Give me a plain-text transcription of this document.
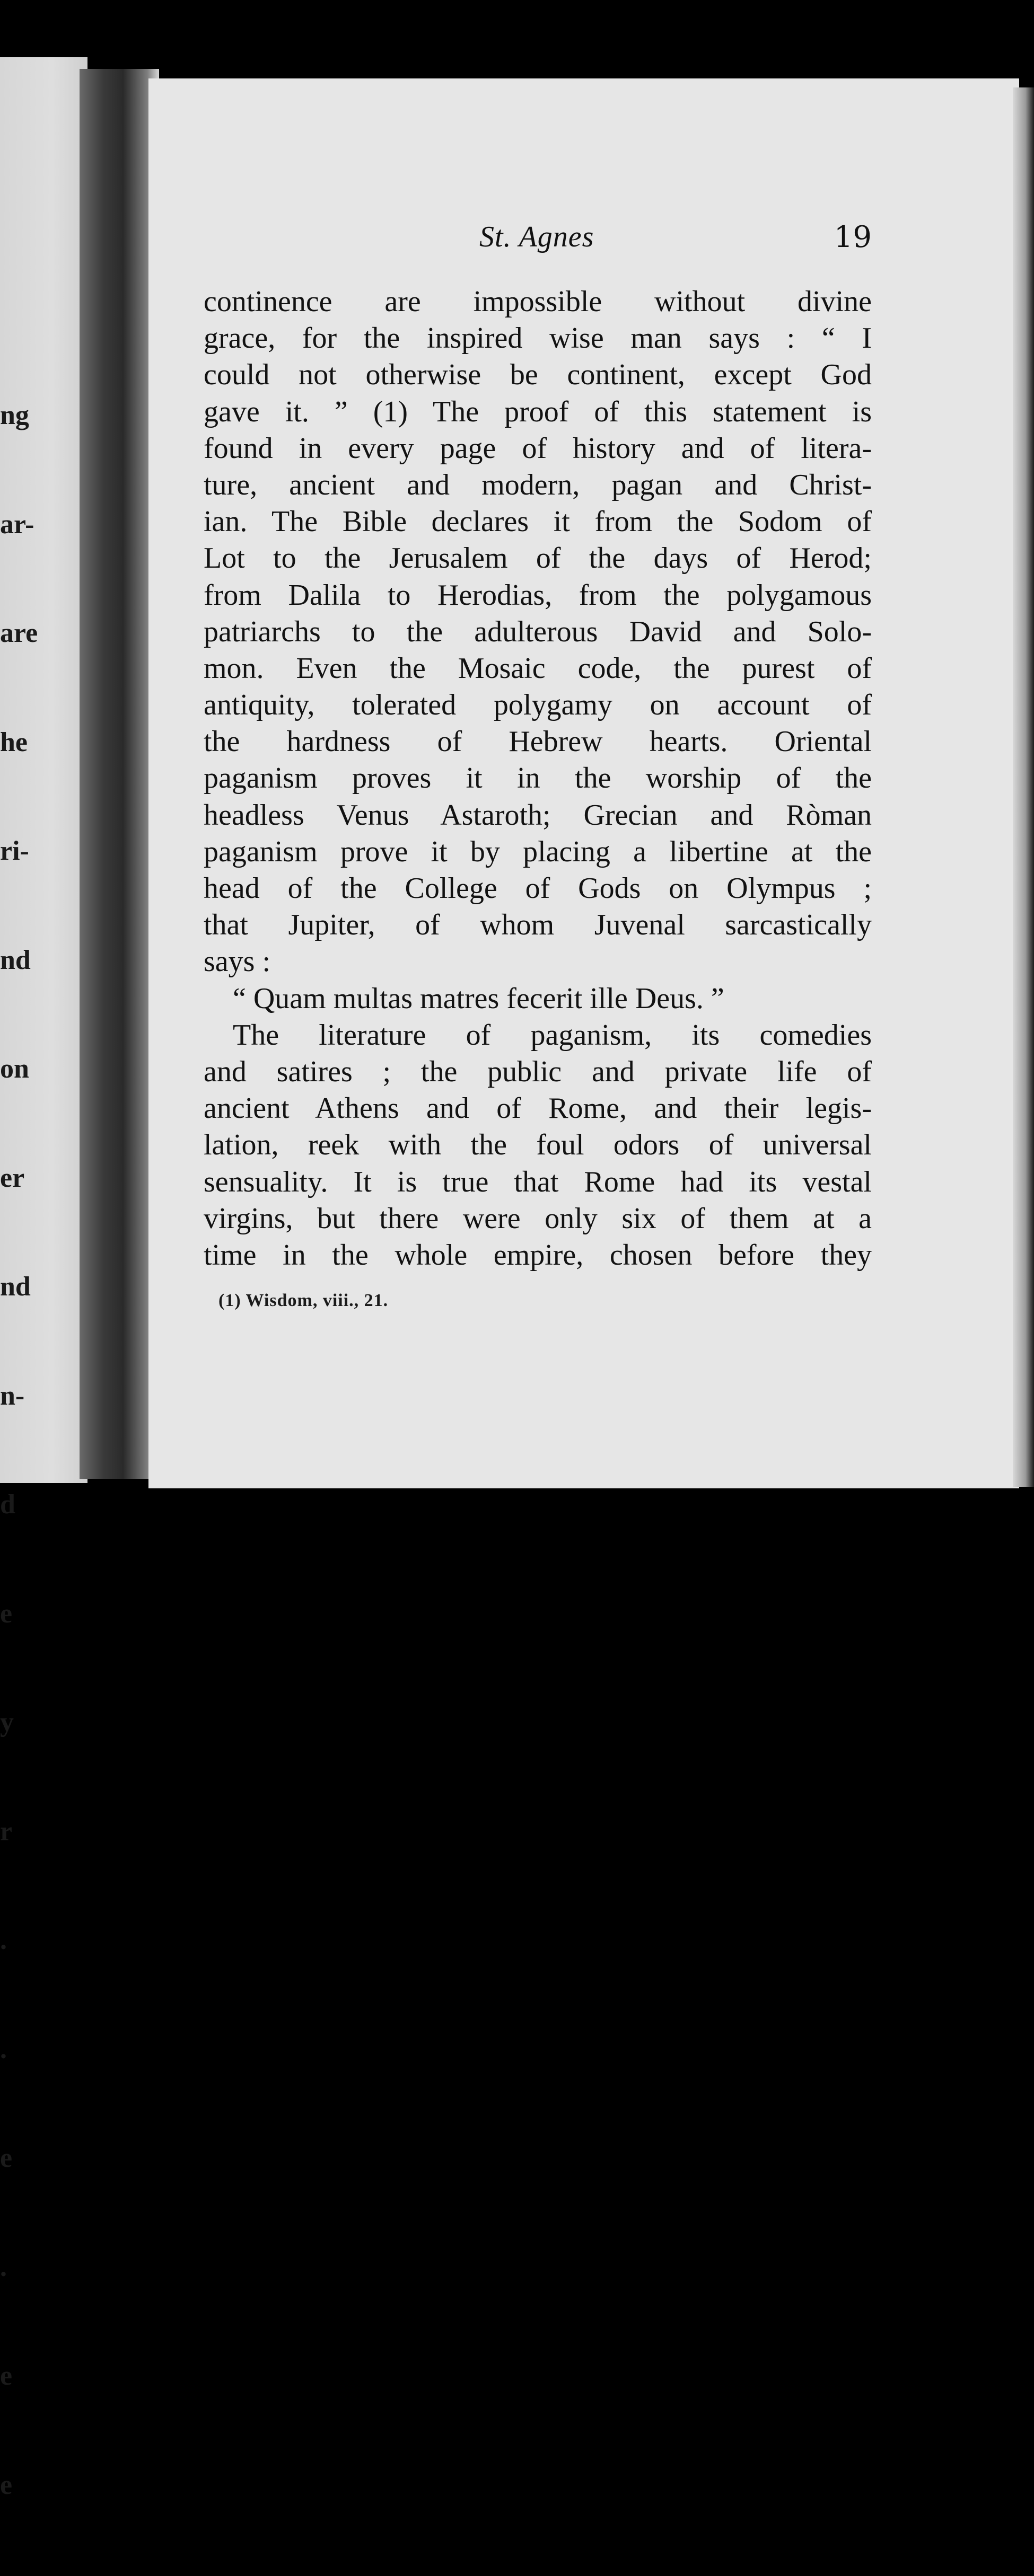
ng

ar-

are

he

ri-

nd

on

er

nd

n-

d

e

y

r

.

.

e

.

e

e

St. Agnes	19
continence are impossible without divine
grace, for the inspired wise man says : “ I
could not otherwise be continent, except God
gave it. ” (1) The proof of this statement is
found in every page of history and of litera-
ture, ancient and modern, pagan and Christ-
ian. The Bible declares it from the Sodom of
Lot to the Jerusalem of the days of Herod;
from Dalila to Herodias, from the polygamous
patriarchs to the adulterous David and Solo-
mon. Even the Mosaic code, the purest of
antiquity, tolerated polygamy on account of
the hardness of Hebrew hearts. Oriental
paganism proves it in the worship of the
headless Venus Astaroth; Grecian and Ròman
paganism prove it by placing a libertine at the
head of the College of Gods on Olympus ;
that Jupiter, of whom Juvenal sarcastically
says :
“ Quam multas matres fecerit ille Deus. ”
The literature of paganism, its comedies
and satires ; the public and private life of
ancient Athens and of Rome, and their legis-
lation, reek with the foul odors of universal
sensuality. It is true that Rome had its vestal
virgins, but there were only six of them at a
time in the whole empire, chosen before they
(1) Wisdom, viii., 21.
